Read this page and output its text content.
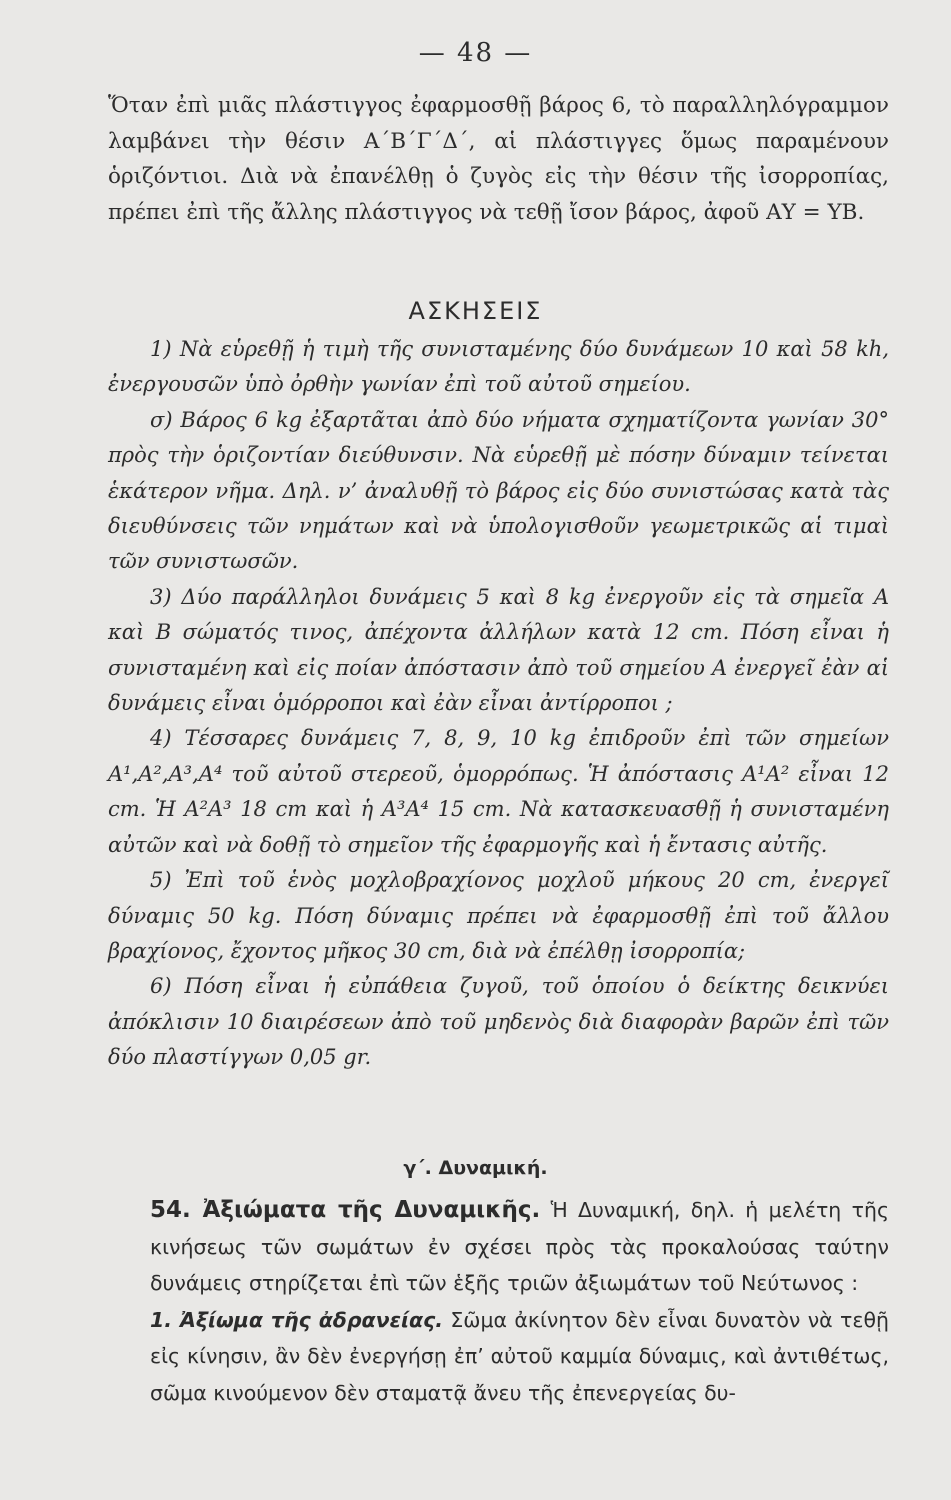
— 48 —

Ὅταν ἐπὶ μιᾶς πλάστιγγος ἐφαρμοσθῇ βάρος 6, τὸ παραλληλόγραμμον λαμβάνει τὴν θέσιν Α΄Β΄Γ΄Δ΄, αἱ πλάστιγγες ὅμως παραμένουν ὁριζόντιοι. Διὰ νὰ ἐπανέλθῃ ὁ ζυγὸς εἰς τὴν θέσιν τῆς ἰσορροπίας, πρέπει ἐπὶ τῆς ἄλλης πλάστιγγος νὰ τεθῇ ἴσον βάρος, ἀφοῦ ΑΥ = ΥΒ.

ΑΣΚΗΣΕΙΣ

1) Νὰ εὑρεθῇ ἡ τιμὴ τῆς συνισταμένης δύο δυνάμεων 10 καὶ 58 kh, ἐνεργουσῶν ὑπὸ ὀρθὴν γωνίαν ἐπὶ τοῦ αὐτοῦ σημείου.

σ) Βάρος 6 kg ἐξαρτᾶται ἀπὸ δύο νήματα σχηματίζοντα γωνίαν 30° πρὸς τὴν ὁριζοντίαν διεύθυνσιν. Νὰ εὑρεθῇ μὲ πόσην δύναμιν τείνεται ἑκάτερον νῆμα. Δηλ. ν’ ἀναλυθῇ τὸ βάρος εἰς δύο συνιστώσας κατὰ τὰς διευθύνσεις τῶν νημάτων καὶ νὰ ὑπολογισθοῦν γεωμετρικῶς αἱ τιμαὶ τῶν συνιστωσῶν.

3) Δύο παράλληλοι δυνάμεις 5 καὶ 8 kg ἐνεργοῦν εἰς τὰ σημεῖα Α καὶ Β σώματός τινος, ἀπέχοντα ἀλλήλων κατὰ 12 cm. Πόση εἶναι ἡ συνισταμένη καὶ εἰς ποίαν ἀπόστασιν ἀπὸ τοῦ σημείου Α ἐνεργεῖ ἐὰν αἱ δυνάμεις εἶναι ὁμόρροποι καὶ ἐὰν εἶναι ἀντίρροποι ;

4) Τέσσαρες δυνάμεις 7, 8, 9, 10 kg ἐπιδροῦν ἐπὶ τῶν σημείων Α¹,Α²,Α³,Α⁴ τοῦ αὐτοῦ στερεοῦ, ὁμορρόπως. Ἡ ἀπόστασις Α¹Α² εἶναι 12 cm. Ἡ Α²Α³ 18 cm καὶ ἡ Α³Α⁴ 15 cm. Νὰ κατασκευασθῇ ἡ συνισταμένη αὐτῶν καὶ νὰ δοθῇ τὸ σημεῖον τῆς ἐφαρμογῆς καὶ ἡ ἔντασις αὐτῆς.

5) Ἐπὶ τοῦ ἑνὸς μοχλοβραχίονος μοχλοῦ μήκους 20 cm, ἐνεργεῖ δύναμις 50 kg. Πόση δύναμις πρέπει νὰ ἐφαρμοσθῇ ἐπὶ τοῦ ἄλλου βραχίονος, ἔχοντος μῆκος 30 cm, διὰ νὰ ἐπέλθῃ ἰσορροπία;

6) Πόση εἶναι ἡ εὐπάθεια ζυγοῦ, τοῦ ὁποίου ὁ δείκτης δεικνύει ἀπόκλισιν 10 διαιρέσεων ἀπὸ τοῦ μηδενὸς διὰ διαφορὰν βαρῶν ἐπὶ τῶν δύο πλαστίγγων 0,05 gr.

γ΄. Δυναμική.

54. Ἀξιώματα τῆς Δυναμικῆς. Ἡ Δυναμική, δηλ. ἡ μελέτη τῆς κινήσεως τῶν σωμάτων ἐν σχέσει πρὸς τὰς προκαλούσας ταύτην δυνάμεις στηρίζεται ἐπὶ τῶν ἑξῆς τριῶν ἀξιωμάτων τοῦ Νεύτωνος :

1. Ἀξίωμα τῆς ἀδρανείας. Σῶμα ἀκίνητον δὲν εἶναι δυνατὸν νὰ τεθῇ εἰς κίνησιν, ἂν δὲν ἐνεργήσῃ ἐπ’ αὐτοῦ καμμία δύναμις, καὶ ἀντιθέτως, σῶμα κινούμενον δὲν σταματᾷ ἄνευ τῆς ἐπενεργείας δυ-
